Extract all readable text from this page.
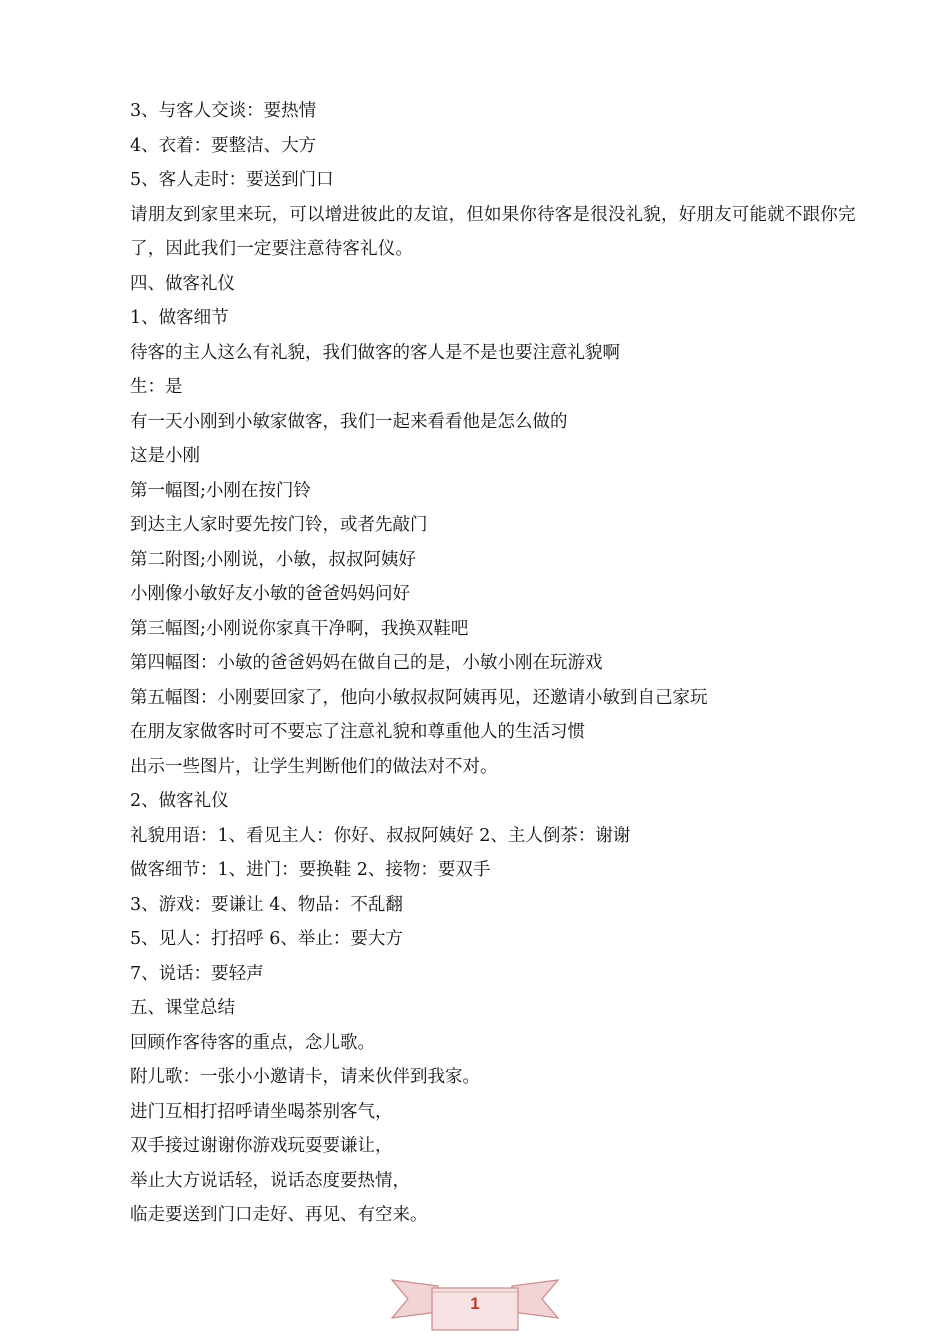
3、与客人交谈：要热情
4、衣着：要整洁、大方
5、客人走时：要送到门口
请朋友到家里来玩，可以增进彼此的友谊，但如果你待客是很没礼貌，好朋友可能就不跟你完了，因此我们一定要注意待客礼仪。
四、做客礼仪
1、做客细节
待客的主人这么有礼貌，我们做客的客人是不是也要注意礼貌啊
生：是
有一天小刚到小敏家做客，我们一起来看看他是怎么做的
这是小刚
第一幅图;小刚在按门铃
到达主人家时要先按门铃，或者先敲门
第二附图;小刚说，小敏，叔叔阿姨好
小刚像小敏好友小敏的爸爸妈妈问好
第三幅图;小刚说你家真干净啊，我换双鞋吧
第四幅图：小敏的爸爸妈妈在做自己的是，小敏小刚在玩游戏
第五幅图：小刚要回家了，他向小敏叔叔阿姨再见，还邀请小敏到自己家玩
在朋友家做客时可不要忘了注意礼貌和尊重他人的生活习惯
出示一些图片，让学生判断他们的做法对不对。
2、做客礼仪
礼貌用语：1、看见主人：你好、叔叔阿姨好 2、主人倒茶：谢谢
做客细节：1、进门：要换鞋 2、接物：要双手
3、游戏：要谦让 4、物品：不乱翻
5、见人：打招呼 6、举止：要大方
7、说话：要轻声
五、课堂总结
回顾作客待客的重点，念儿歌。
附儿歌：一张小小邀请卡，请来伙伴到我家。
进门互相打招呼请坐喝茶别客气，
双手接过谢谢你游戏玩耍要谦让，
举止大方说话轻，说话态度要热情，
临走要送到门口走好、再见、有空来。
1
